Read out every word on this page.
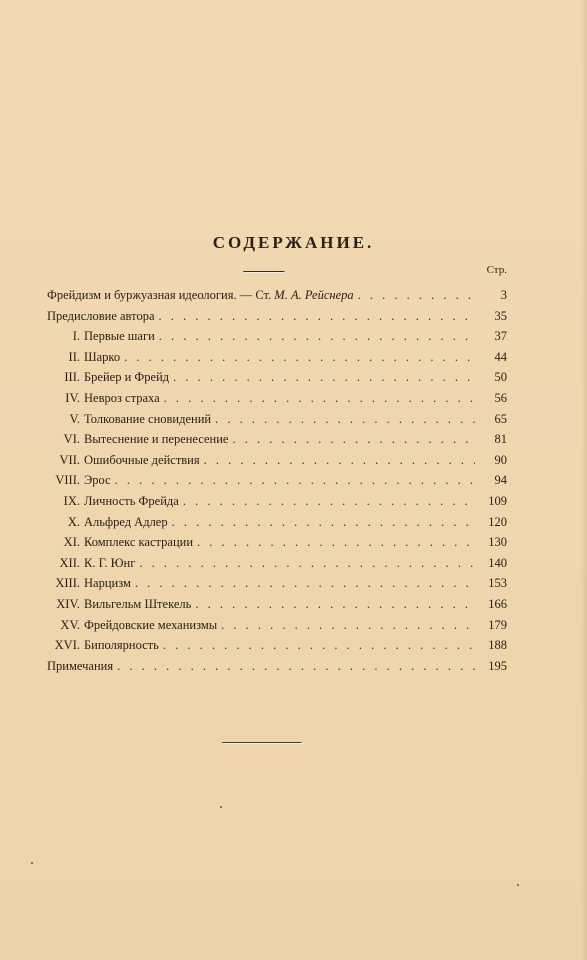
СОДЕРЖАНИЕ.
Стр.
Фрейдизм и буржуазная идеология. — Ст. М. А. Рейснера . . .	3
Предисловие автора . . .	35
I. Первые шаги . . .	37
II. Шарко . . .	44
III. Брейер и Фрейд . . .	50
IV. Невроз страха . . .	56
V. Толкование сновидений . . .	65
VI. Вытеснение и перенесение . . .	81
VII. Ошибочные действия . . .	90
VIII. Эрос . . .	94
IX. Личность Фрейда . . .	109
X. Альфред Адлер . . .	120
XI. Комплекс кастрации . . .	130
XII. К. Г. Юнг . . .	140
XIII. Нарцизм . . .	153
XIV. Вильгельм Штекель . . .	166
XV. Фрейдовские механизмы . . .	179
XVI. Биполярность . . .	188
Примечания . . .	195
